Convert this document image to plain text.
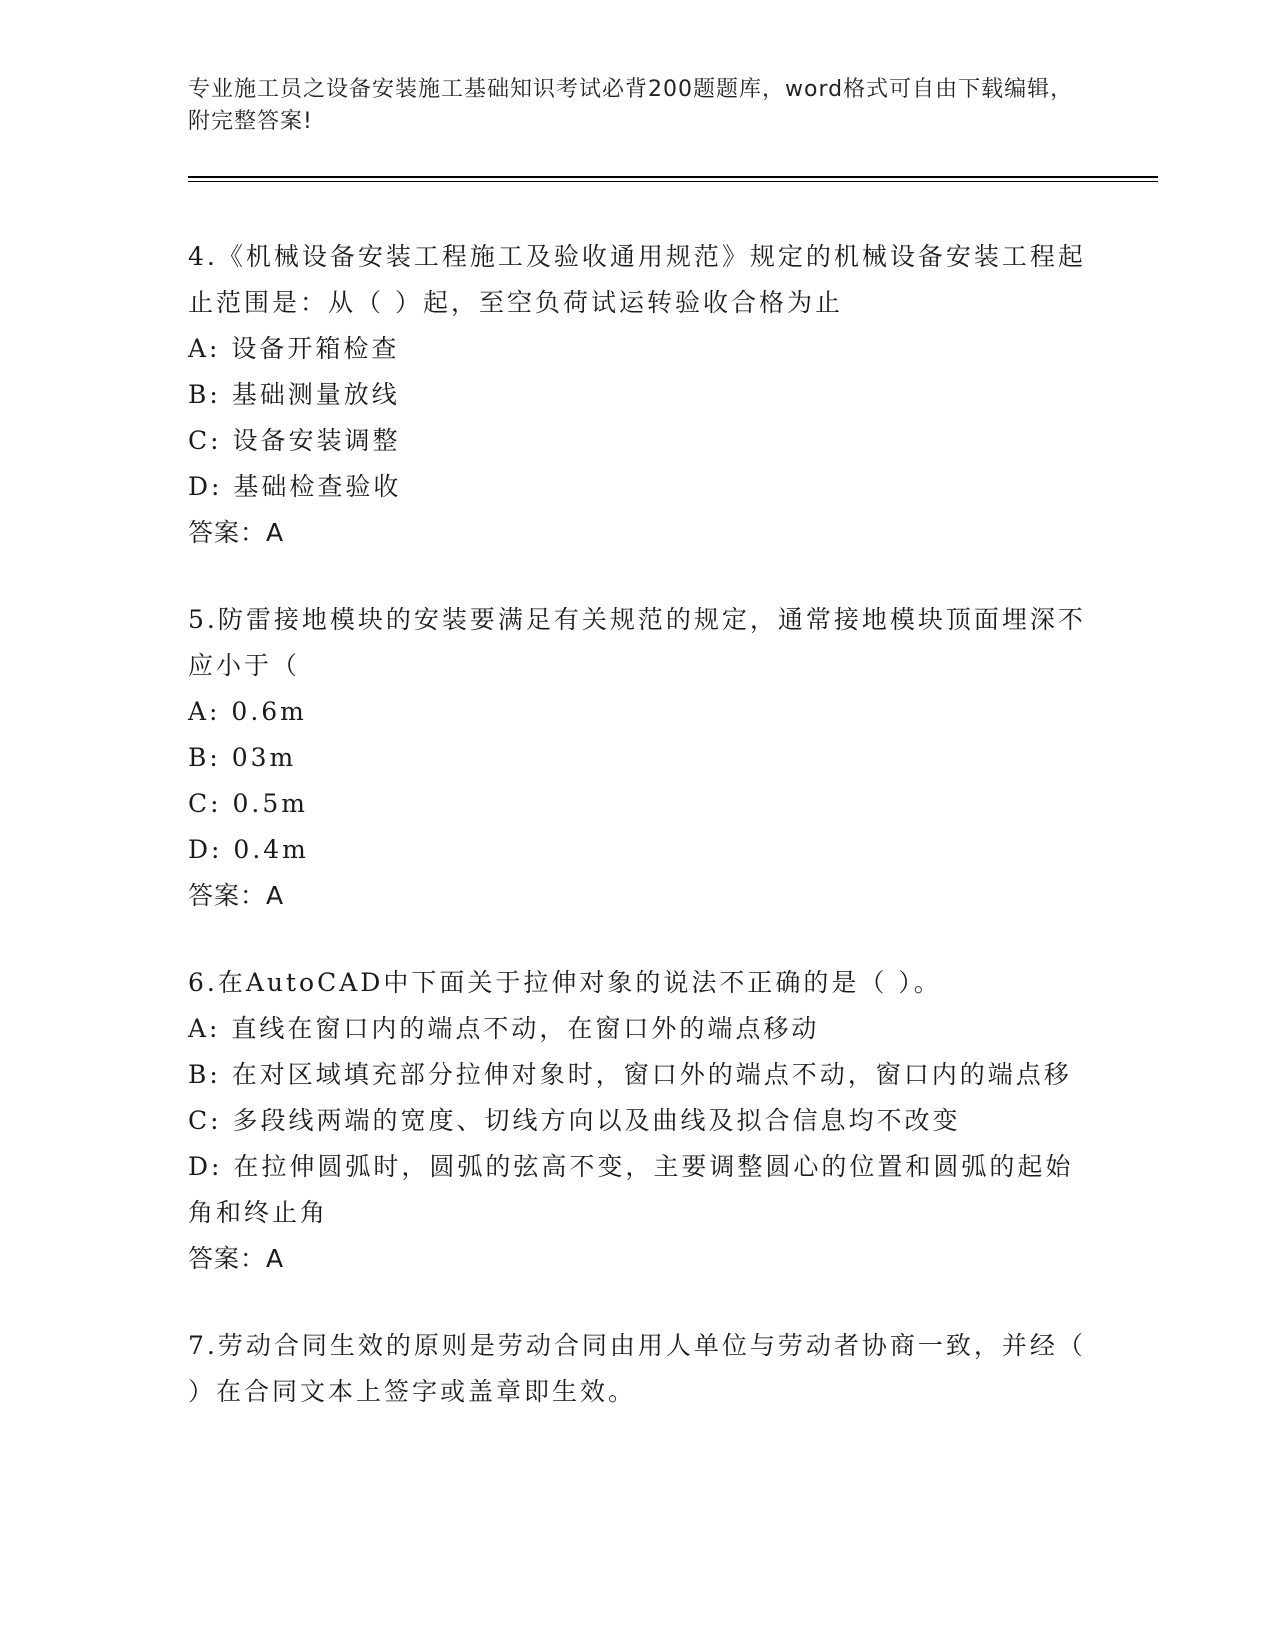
专业施工员之设备安装施工基础知识考试必背200题题库，word格式可自由下载编辑，附完整答案!
4.《机械设备安装工程施工及验收通用规范》规定的机械设备安装工程起止范围是：从（ ）起，至空负荷试运转验收合格为止
A: 设备开箱检查
B: 基础测量放线
C: 设备安装调整
D: 基础检查验收
答案：A
5.防雷接地模块的安装要满足有关规范的规定，通常接地模块顶面埋深不应小于（
A: 0.6m
B: 03m
C: 0.5m
D: 0.4m
答案：A
6.在AutoCAD中下面关于拉伸对象的说法不正确的是（ ）。
A: 直线在窗口内的端点不动，在窗口外的端点移动
B: 在对区域填充部分拉伸对象时，窗口外的端点不动，窗口内的端点移
C: 多段线两端的宽度、切线方向以及曲线及拟合信息均不改变
D: 在拉伸圆弧时，圆弧的弦高不变，主要调整圆心的位置和圆弧的起始角和终止角
答案：A
7.劳动合同生效的原则是劳动合同由用人单位与劳动者协商一致，并经（ ）在合同文本上签字或盖章即生效。
